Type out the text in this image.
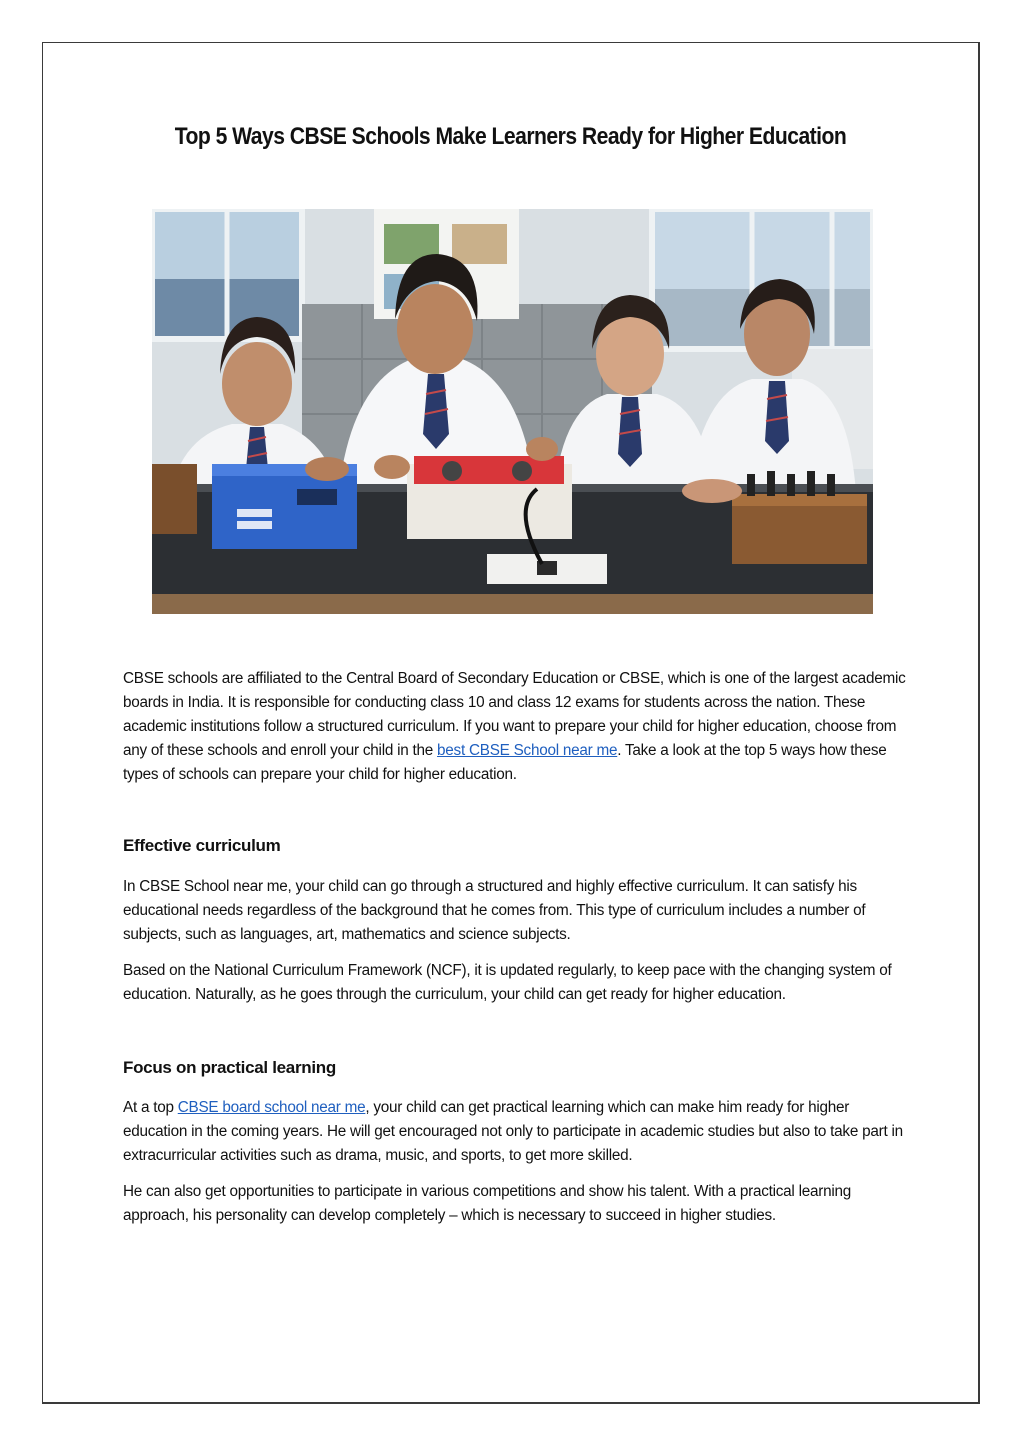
Top 5 Ways CBSE Schools Make Learners Ready for Higher Education

CBSE schools are affiliated to the Central Board of Secondary Education or CBSE, which is one of the largest academic boards in India. It is responsible for conducting class 10 and class 12 exams for students across the nation. These academic institutions follow a structured curriculum. If you want to prepare your child for higher education, choose from any of these schools and enroll your child in the best CBSE School near me. Take a look at the top 5 ways how these types of schools can prepare your child for higher education.

Effective curriculum

In CBSE School near me, your child can go through a structured and highly effective curriculum. It can satisfy his educational needs regardless of the background that he comes from. This type of curriculum includes a number of subjects, such as languages, art, mathematics and science subjects.

Based on the National Curriculum Framework (NCF), it is updated regularly, to keep pace with the changing system of education. Naturally, as he goes through the curriculum, your child can get ready for higher education.

Focus on practical learning

At a top CBSE board school near me, your child can get practical learning which can make him ready for higher education in the coming years. He will get encouraged not only to participate in academic studies but also to take part in extracurricular activities such as drama, music, and sports, to get more skilled.

He can also get opportunities to participate in various competitions and show his talent. With a practical learning approach, his personality can develop completely – which is necessary to succeed in higher studies.
